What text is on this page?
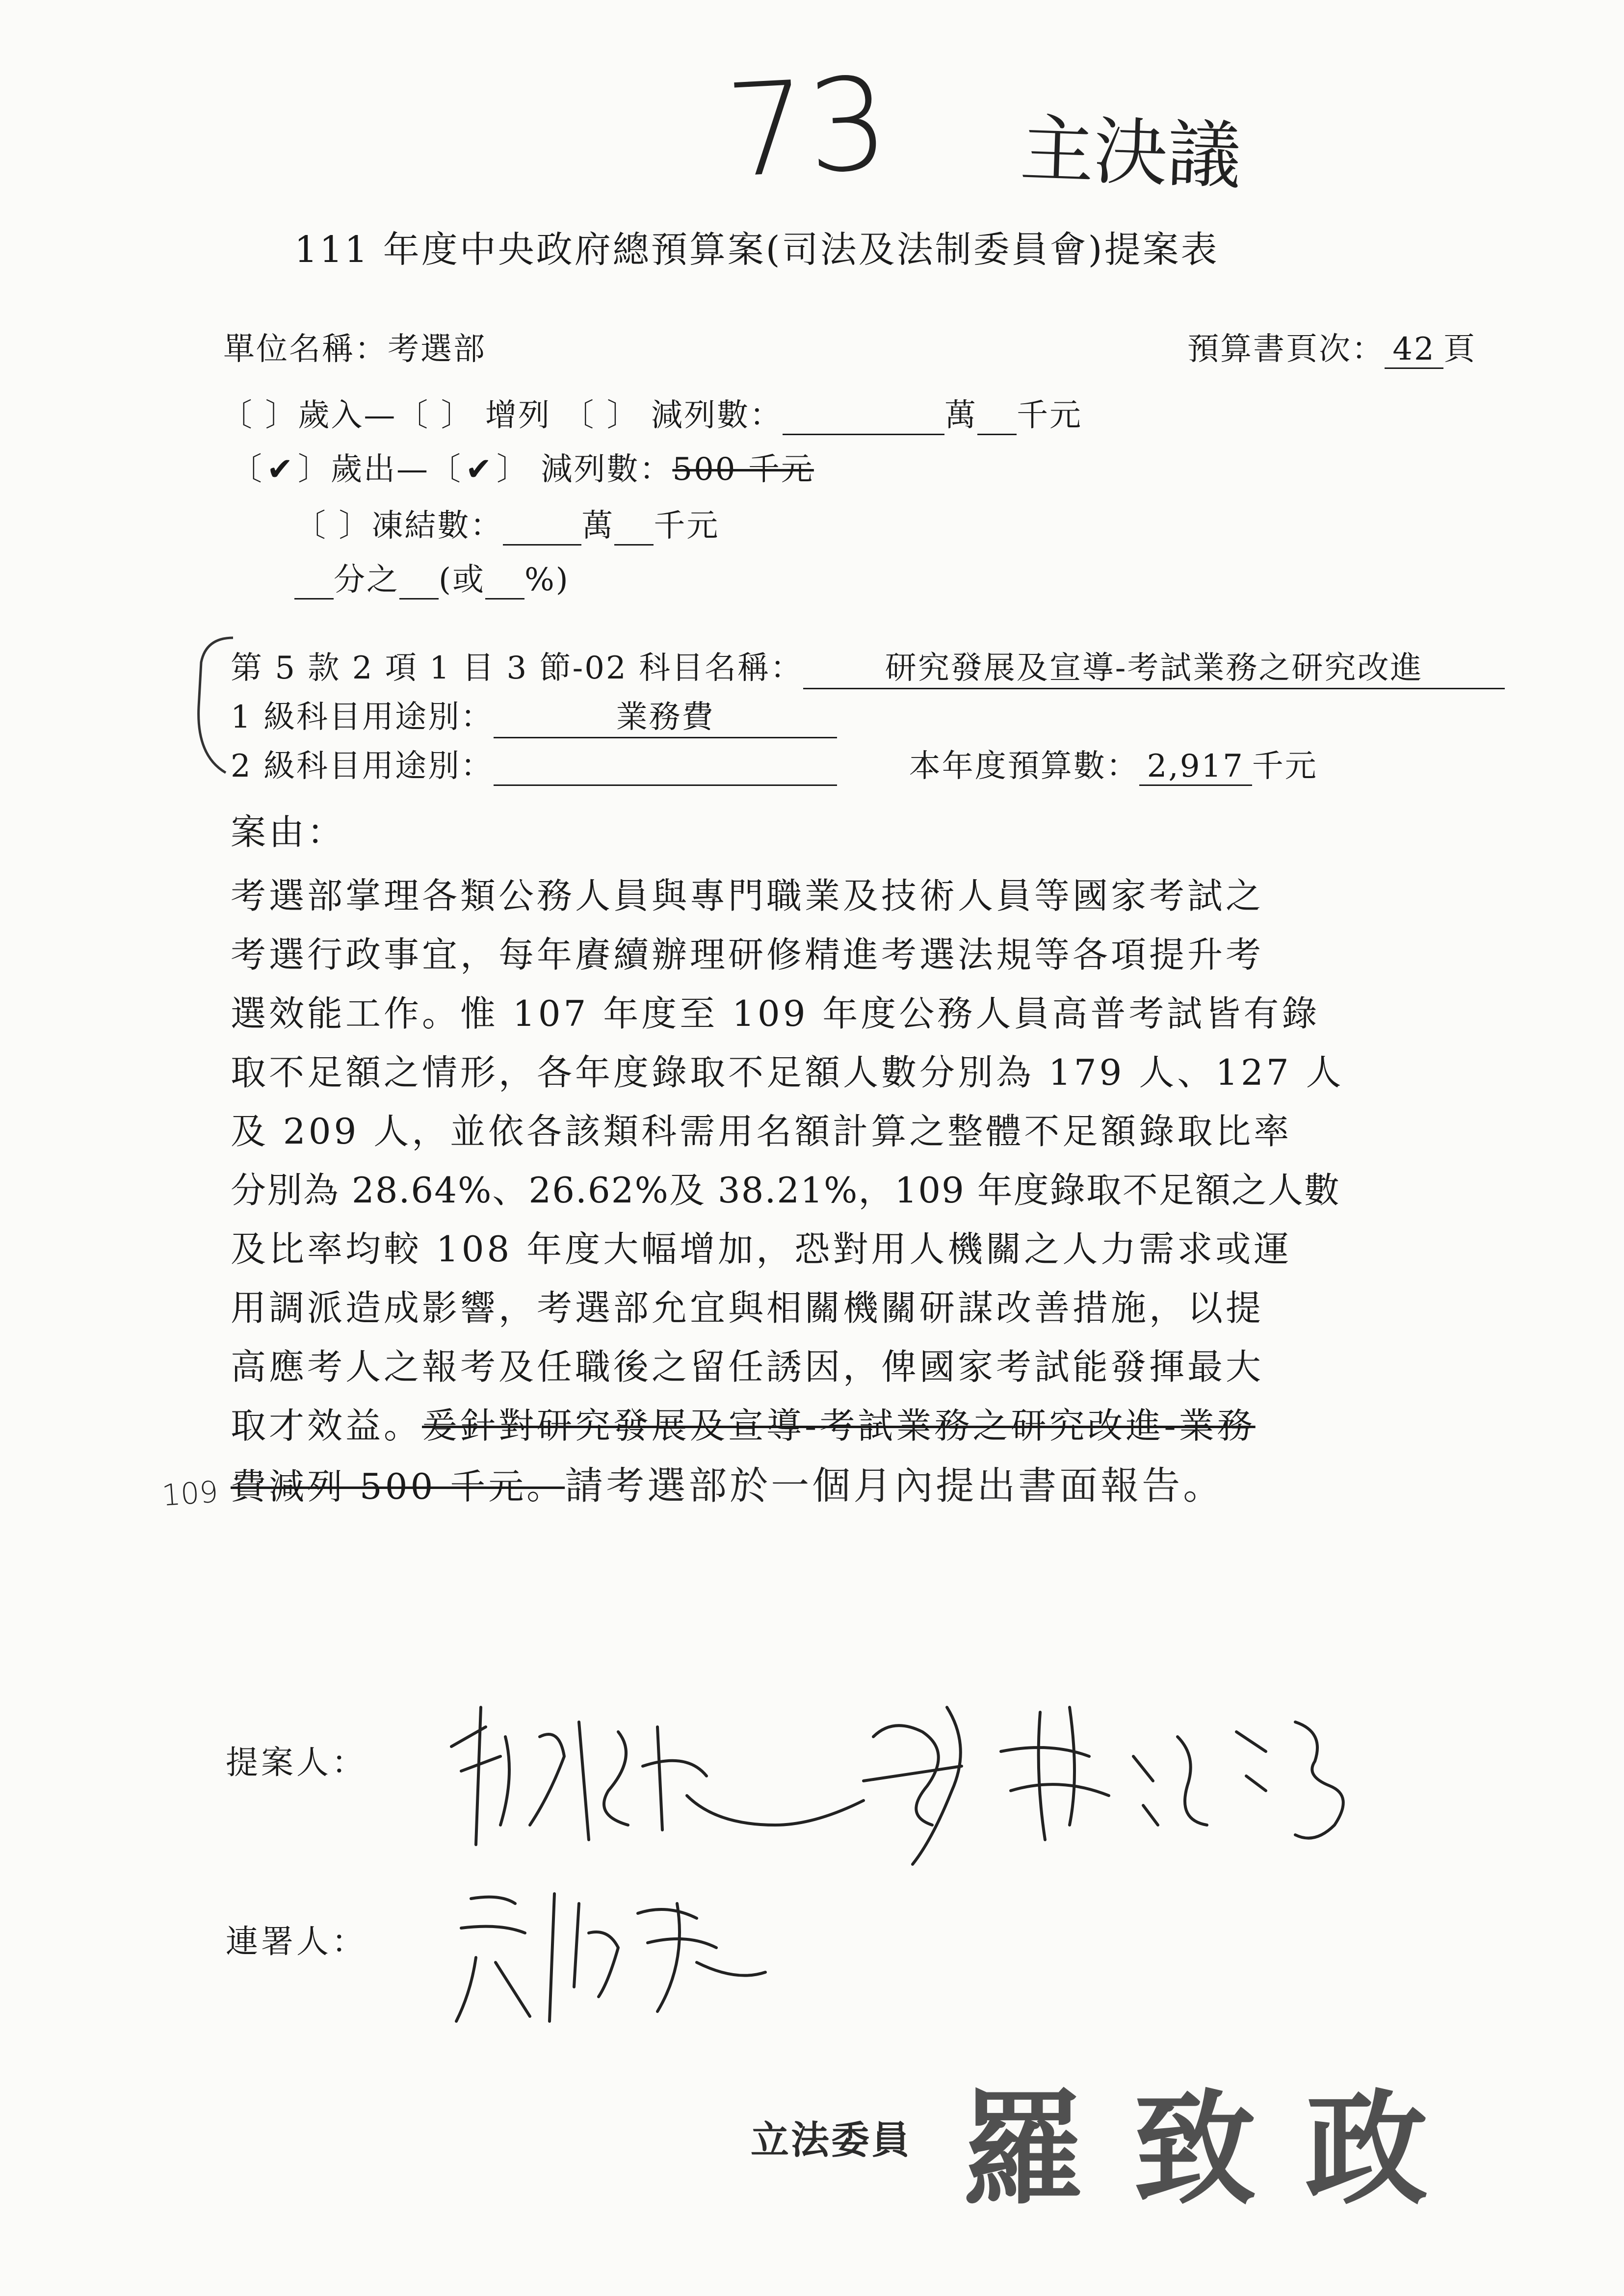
73 主決議
111 年度中央政府總預算案(司法及法制委員會)提案表
單位名稱：考選部	預算書頁次： 42 頁
〔 〕歲入—〔 〕 增列 〔 〕 減列數：	萬 千元
〔 ✔ 〕歲出—〔 ✔ 〕 減列數：500 千元
〔 〕凍結數：	萬 千元
分之 (或 %)
第 5 款 2 項 1 目 3 節-02 科目名稱：	研究發展及宣導-考試業務之研究改進
1 級科目用途別：	業務費
2 級科目用途別：	本年度預算數： 2,917 千元
案由：
考選部掌理各類公務人員與專門職業及技術人員等國家考試之
考選行政事宜，每年賡續辦理研修精進考選法規等各項提升考
選效能工作。惟 107 年度至 109 年度公務人員高普考試皆有錄
取不足額之情形，各年度錄取不足額人數分別為 179 人、127 人
及 209 人，並依各該類科需用名額計算之整體不足額錄取比率
分別為 28.64%、26.62%及 38.21%，109 年度錄取不足額之人數
及比率均較 108 年度大幅增加，恐對用人機關之人力需求或運
用調派造成影響，考選部允宜與相關機關研謀改善措施，以提
高應考人之報考及任職後之留任誘因，俾國家考試能發揮最大
取才效益。爰針對研究發展及宣導-考試業務之研究改進-業務
109 費減列 500 千元。請考選部於一個月內提出書面報告。
提案人：
連署人：
立法委員 羅致政
